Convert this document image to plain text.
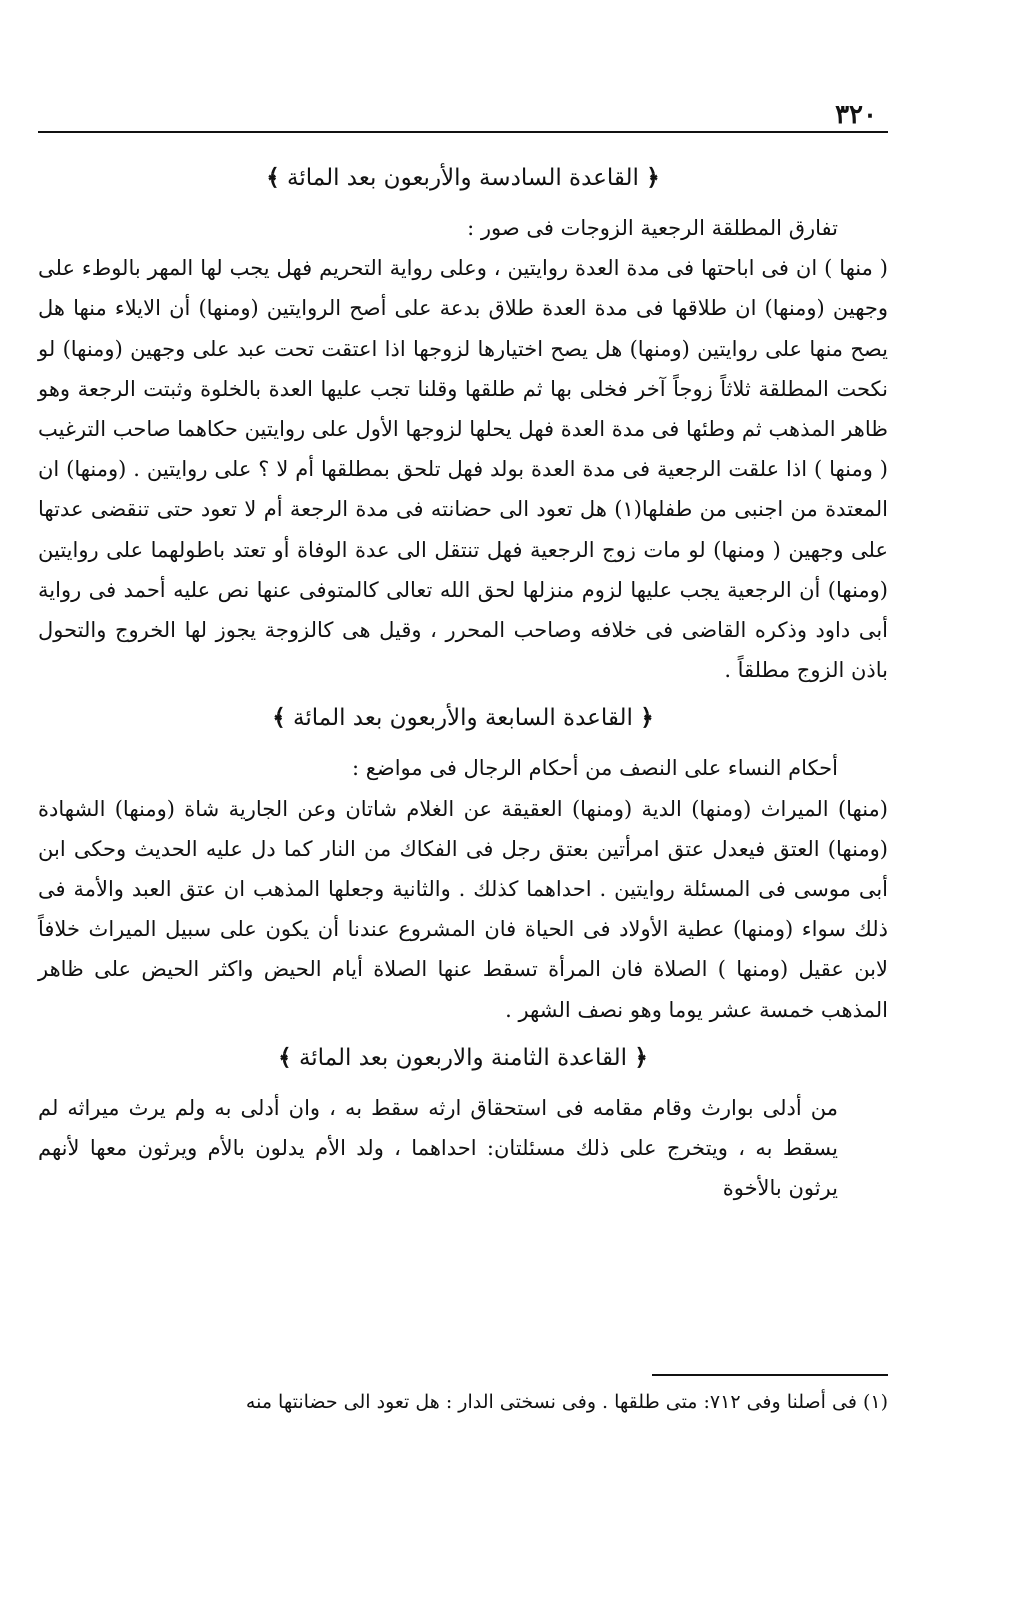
٣٢٠
﴿ القاعدة السادسة والأربعون بعد المائة ﴾

تفارق المطلقة الرجعية الزوجات فى صور :

( منها ) ان فى اباحتها فى مدة العدة روايتين ، وعلى رواية التحريم فهل يجب لها المهر بالوطء على وجهين (ومنها) ان طلاقها فى مدة العدة طلاق بدعة على أصح الروايتين (ومنها) أن الايلاء منها هل يصح منها على روايتين (ومنها) هل يصح اختيارها لزوجها اذا اعتقت تحت عبد على وجهين (ومنها) لو نكحت المطلقة ثلاثاً زوجاً آخر فخلى بها ثم طلقها وقلنا تجب عليها العدة بالخلوة وثبتت الرجعة وهو ظاهر المذهب ثم وطئها فى مدة العدة فهل يحلها لزوجها الأول على روايتين حكاهما صاحب الترغيب ( ومنها ) اذا علقت الرجعية فى مدة العدة بولد فهل تلحق بمطلقها أم لا ؟ على روايتين . (ومنها) ان المعتدة من اجنبى من طفلها(١) هل تعود الى حضانته فى مدة الرجعة أم لا تعود حتى تنقضى عدتها على وجهين ( ومنها) لو مات زوج الرجعية فهل تنتقل الى عدة الوفاة أو تعتد باطولهما على روايتين (ومنها) أن الرجعية يجب عليها لزوم منزلها لحق الله تعالى كالمتوفى عنها نص عليه أحمد فى رواية أبى داود وذكره القاضى فى خلافه وصاحب المحرر ، وقيل هى كالزوجة يجوز لها الخروج والتحول باذن الزوج مطلقاً .

﴿ القاعدة السابعة والأربعون بعد المائة ﴾

أحكام النساء على النصف من أحكام الرجال فى مواضع :

(منها) الميراث (ومنها) الدية (ومنها) العقيقة عن الغلام شاتان وعن الجارية شاة (ومنها) الشهادة (ومنها) العتق فيعدل عتق امرأتين بعتق رجل فى الفكاك من النار كما دل عليه الحديث وحكى ابن أبى موسى فى المسئلة روايتين . احداهما كذلك . والثانية وجعلها المذهب ان عتق العبد والأمة فى ذلك سواء (ومنها) عطية الأولاد فى الحياة فان المشروع عندنا أن يكون على سبيل الميراث خلافاً لابن عقيل (ومنها ) الصلاة فان المرأة تسقط عنها الصلاة أيام الحيض واكثر الحيض على ظاهر المذهب خمسة عشر يوما وهو نصف الشهر .

﴿ القاعدة الثامنة والاربعون بعد المائة ﴾

من أدلى بوارث وقام مقامه فى استحقاق ارثه سقط به ، وان أدلى به ولم يرث ميراثه لم يسقط به ، ويتخرج على ذلك مسئلتان: احداهما ، ولد الأم يدلون بالأم ويرثون معها لأنهم يرثون بالأخوة

(١) فى أصلنا وفى ٧١٢: متى طلقها . وفى نسختى الدار : هل تعود الى حضانتها منه
